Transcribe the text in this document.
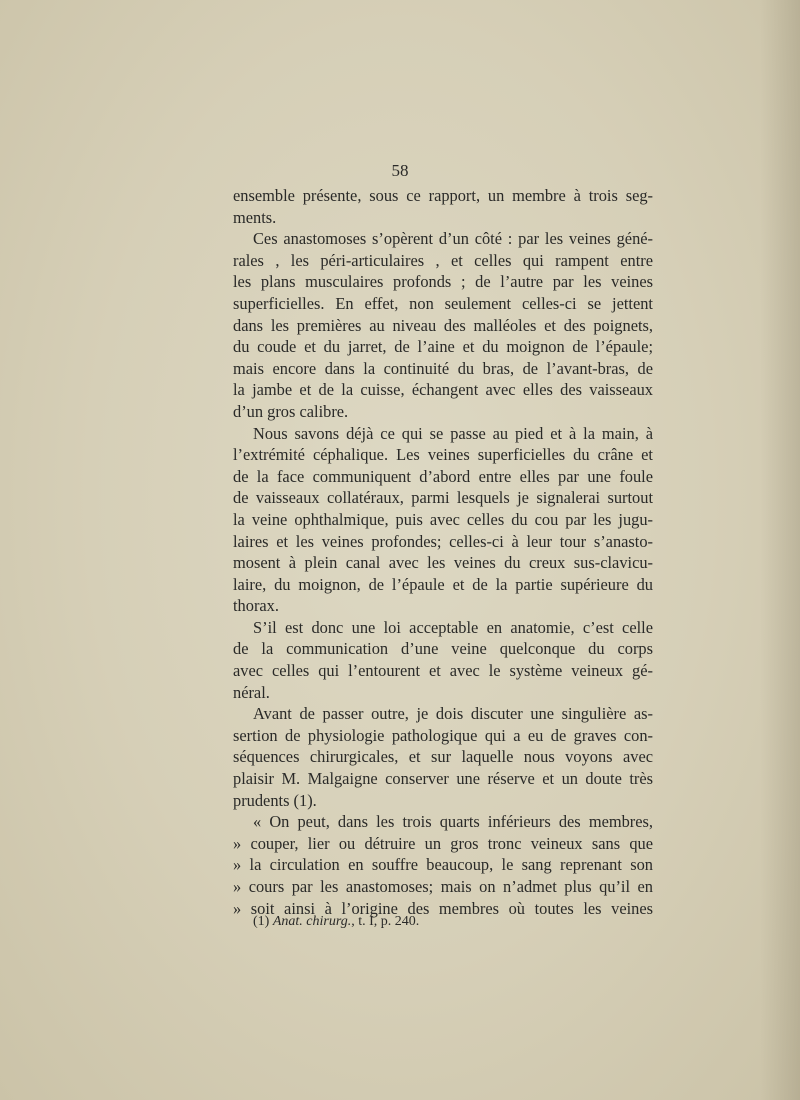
58
ensemble présente, sous ce rapport, un membre à trois seg-
ments.
Ces anastomoses s’opèrent d’un côté : par les veines géné-
rales , les péri-articulaires , et celles qui rampent entre
les plans musculaires profonds ; de l’autre par les veines
superficielles. En effet, non seulement celles-ci se jettent
dans les premières au niveau des malléoles et des poignets,
du coude et du jarret, de l’aine et du moignon de l’épaule;
mais encore dans la continuité du bras, de l’avant-bras, de
la jambe et de la cuisse, échangent avec elles des vaisseaux
d’un gros calibre.
Nous savons déjà ce qui se passe au pied et à la main, à
l’extrémité céphalique. Les veines superficielles du crâne et
de la face communiquent d’abord entre elles par une foule
de vaisseaux collatéraux, parmi lesquels je signalerai surtout
la veine ophthalmique, puis avec celles du cou par les jugu-
laires et les veines profondes; celles-ci à leur tour s’anasto-
mosent à plein canal avec les veines du creux sus-clavicu-
laire, du moignon, de l’épaule et de la partie supérieure du
thorax.
S’il est donc une loi acceptable en anatomie, c’est celle
de la communication d’une veine quelconque du corps
avec celles qui l’entourent et avec le système veineux gé-
néral.
Avant de passer outre, je dois discuter une singulière as-
sertion de physiologie pathologique qui a eu de graves con-
séquences chirurgicales, et sur laquelle nous voyons avec
plaisir M. Malgaigne conserver une réserve et un doute très
prudents (1).
« On peut, dans les trois quarts inférieurs des membres,
» couper, lier ou détruire un gros tronc veineux sans que
» la circulation en souffre beaucoup, le sang reprenant son
» cours par les anastomoses; mais on n’admet plus qu’il en
» soit ainsi à l’origine des membres où toutes les veines
(1) Anat. chirurg., t. I, p. 240.
